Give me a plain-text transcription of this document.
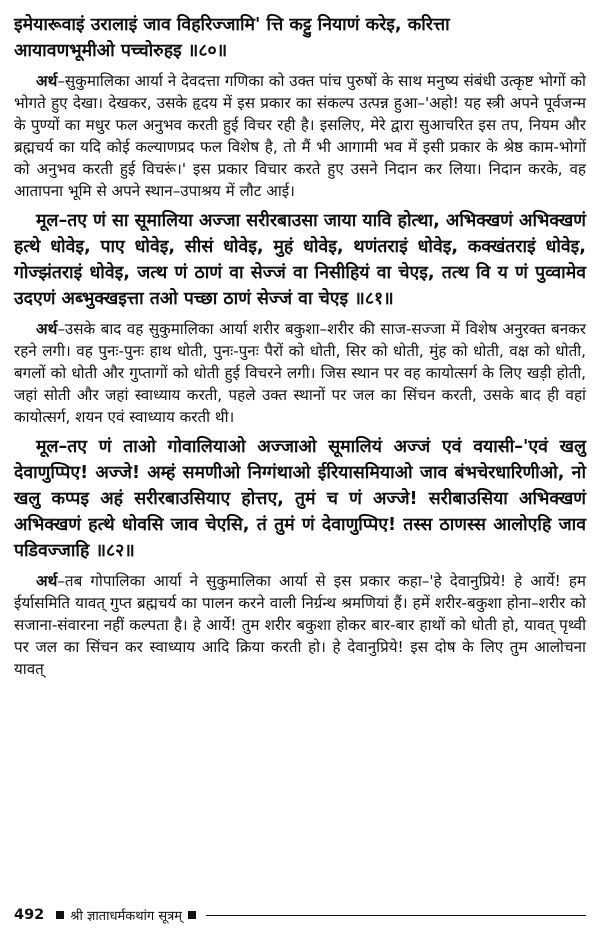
इमेयारूवाइं उरालाइं जाव विहरिज्जामि' त्ति कट्टु नियाणं करेइ, करित्ता
आयावणभूमीओ पच्चोरुहइ ॥८०॥

अर्थ–सुकुमालिका आर्या ने देवदत्ता गणिका को उक्त पांच पुरुषों के साथ मनुष्य संबंधी उत्कृष्ट भोगों को भोगते हुए देखा। देखकर, उसके हृदय में इस प्रकार का संकल्प उत्पन्न हुआ–'अहो! यह स्त्री अपने पूर्वजन्म के पुण्यों का मधुर फल अनुभव करती हुई विचर रही है। इसलिए, मेरे द्वारा सुआचरित इस तप, नियम और ब्रह्मचर्य का यदि कोई कल्याणप्रद फल विशेष है, तो मैं भी आगामी भव में इसी प्रकार के श्रेष्ठ काम-भोगों को अनुभव करती हुई विचरूं।' इस प्रकार विचार करते हुए उसने निदान कर लिया। निदान करके, वह आतापना भूमि से अपने स्थान–उपाश्रय में लौट आई।

मूल–तए णं सा सूमालिया अज्जा सरीरबाउसा जाया यावि होत्था, अभिक्खणं अभिक्खणं हत्थे धोवेइ, पाए धोवेइ, सीसं धोवेइ, मुहं धोवेइ, थणंतराइं धोवेइ, कक्खंतराइं धोवेइ, गोज्झंतराइं धोवेइ, जत्थ णं ठाणं वा सेज्जं वा निसीहियं वा चेएइ, तत्थ वि य णं पुव्वामेव उदएणं अब्भुक्खइत्ता तओ पच्छा ठाणं सेज्जं वा चेएइ ॥८१॥

अर्थ–उसके बाद वह सुकुमालिका आर्या शरीर बकुशा–शरीर की साज-सज्जा में विशेष अनुरक्त बनकर रहने लगी। वह पुनः-पुनः हाथ धोती, पुनः-पुनः पैरों को धोती, सिर को धोती, मुंह को धोती, वक्ष को धोती, बगलों को धोती और गुप्तागों को धोती हुई विचरने लगी। जिस स्थान पर वह कायोत्सर्ग के लिए खड़ी होती, जहां सोती और जहां स्वाध्याय करती, पहले उक्त स्थानों पर जल का सिंचन करती, उसके बाद ही वहां कायोत्सर्ग, शयन एवं स्वाध्याय करती थी।

मूल–तए णं ताओ गोवालियाओ अज्जाओ सूमालियं अज्जं एवं वयासी–'एवं खलु देवाणुप्पिए! अज्जे! अम्हं समणीओ निग्गंथाओ ईरियासमियाओ जाव बंभचेरधारिणीओ, नो खलु कप्पइ अहं सरीरबाउसियाए होत्तए, तुमं च णं अज्जे! सरीबाउसिया अभिक्खणं अभिक्खणं हत्थे धोवसि जाव चेएसि, तं तुमं णं देवाणुप्पिए! तस्स ठाणस्स आलोएहि जाव पडिवज्जाहि ॥८२॥

अर्थ–तब गोपालिका आर्या ने सुकुमालिका आर्या से इस प्रकार कहा–'हे देवानुप्रिये! हे आर्ये! हम ईर्यासमिति यावत् गुप्त ब्रह्मचर्य का पालन करने वाली निर्ग्रन्थ श्रमणियां हैं। हमें शरीर-बकुशा होना–शरीर को सजाना-संवारना नहीं कल्पता है। हे आर्ये! तुम शरीर बकुशा होकर बार-बार हाथों को धोती हो, यावत् पृथ्वी पर जल का सिंचन कर स्वाध्याय आदि क्रिया करती हो। हे देवानुप्रिये! इस दोष के लिए तुम आलोचना यावत्

492 श्री ज्ञाताधर्मकथांग सूत्रम्
